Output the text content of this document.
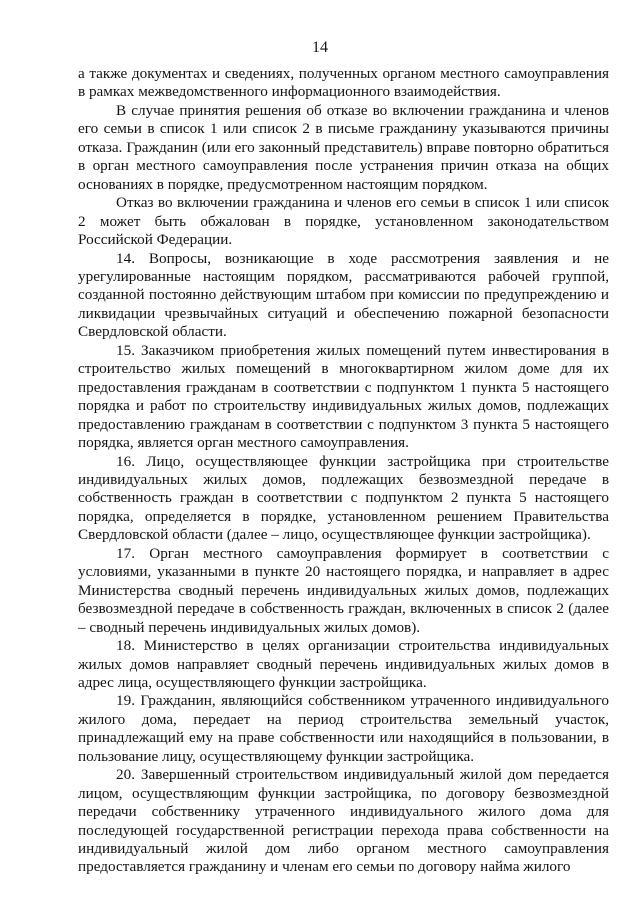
14

а также документах и сведениях, полученных органом местного самоуправления в рамках межведомственного информационного взаимодействия.

В случае принятия решения об отказе во включении гражданина и членов его семьи в список 1 или список 2 в письме гражданину указываются причины отказа. Гражданин (или его законный представитель) вправе повторно обратиться в орган местного самоуправления после устранения причин отказа на общих основаниях в порядке, предусмотренном настоящим порядком.

Отказ во включении гражданина и членов его семьи в список 1 или список 2 может быть обжалован в порядке, установленном законодательством Российской Федерации.

14. Вопросы, возникающие в ходе рассмотрения заявления и не урегулированные настоящим порядком, рассматриваются рабочей группой, созданной постоянно действующим штабом при комиссии по предупреждению и ликвидации чрезвычайных ситуаций и обеспечению пожарной безопасности Свердловской области.

15. Заказчиком приобретения жилых помещений путем инвестирования в строительство жилых помещений в многоквартирном жилом доме для их предоставления гражданам в соответствии с подпунктом 1 пункта 5 настоящего порядка и работ по строительству индивидуальных жилых домов, подлежащих предоставлению гражданам в соответствии с подпунктом 3 пункта 5 настоящего порядка, является орган местного самоуправления.

16. Лицо, осуществляющее функции застройщика при строительстве индивидуальных жилых домов, подлежащих безвозмездной передаче в собственность граждан в соответствии с подпунктом 2 пункта 5 настоящего порядка, определяется в порядке, установленном решением Правительства Свердловской области (далее – лицо, осуществляющее функции застройщика).

17. Орган местного самоуправления формирует в соответствии с условиями, указанными в пункте 20 настоящего порядка, и направляет в адрес Министерства сводный перечень индивидуальных жилых домов, подлежащих безвозмездной передаче в собственность граждан, включенных в список 2 (далее – сводный перечень индивидуальных жилых домов).

18. Министерство в целях организации строительства индивидуальных жилых домов направляет сводный перечень индивидуальных жилых домов в адрес лица, осуществляющего функции застройщика.

19. Гражданин, являющийся собственником утраченного индивидуального жилого дома, передает на период строительства земельный участок, принадлежащий ему на праве собственности или находящийся в пользовании, в пользование лицу, осуществляющему функции застройщика.

20. Завершенный строительством индивидуальный жилой дом передается лицом, осуществляющим функции застройщика, по договору безвозмездной передачи собственнику утраченного индивидуального жилого дома для последующей государственной регистрации перехода права собственности на индивидуальный жилой дом либо органом местного самоуправления предоставляется гражданину и членам его семьи по договору найма жилого
